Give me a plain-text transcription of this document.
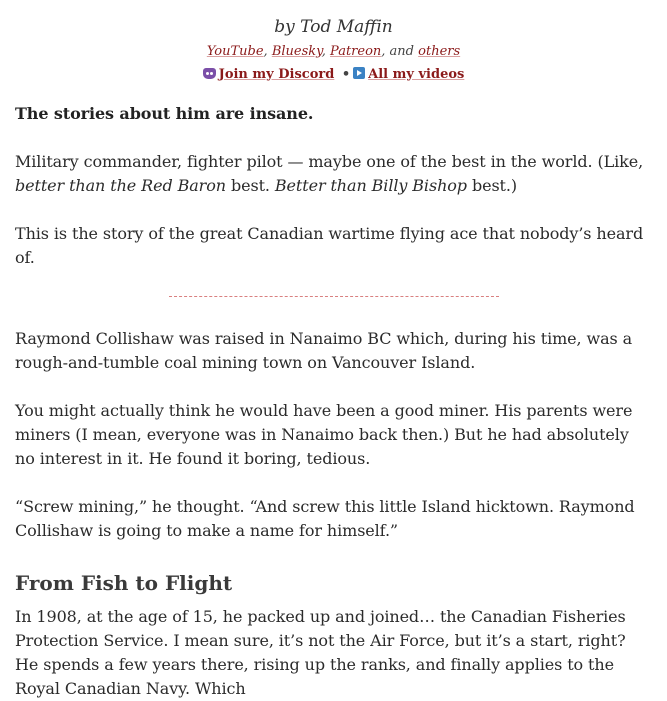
by Tod Maffin
YouTube, Bluesky, Patreon, and others
Join my Discord • All my videos

The stories about him are insane.

Military commander, fighter pilot — maybe one of the best in the world. (Like, better than the Red Baron best. Better than Billy Bishop best.)

This is the story of the great Canadian wartime flying ace that nobody’s heard of.

Raymond Collishaw was raised in Nanaimo BC which, during his time, was a rough-and-tumble coal mining town on Vancouver Island.

You might actually think he would have been a good miner. His parents were miners (I mean, everyone was in Nanaimo back then.) But he had absolutely no interest in it. He found it boring, tedious.

“Screw mining,” he thought. “And screw this little Island hicktown. Raymond Collishaw is going to make a name for himself.”

From Fish to Flight

In 1908, at the age of 15, he packed up and joined… the Canadian Fisheries Protection Service. I mean sure, it’s not the Air Force, but it’s a start, right? He spends a few years there, rising up the ranks, and finally applies to the Royal Canadian Navy. Which
